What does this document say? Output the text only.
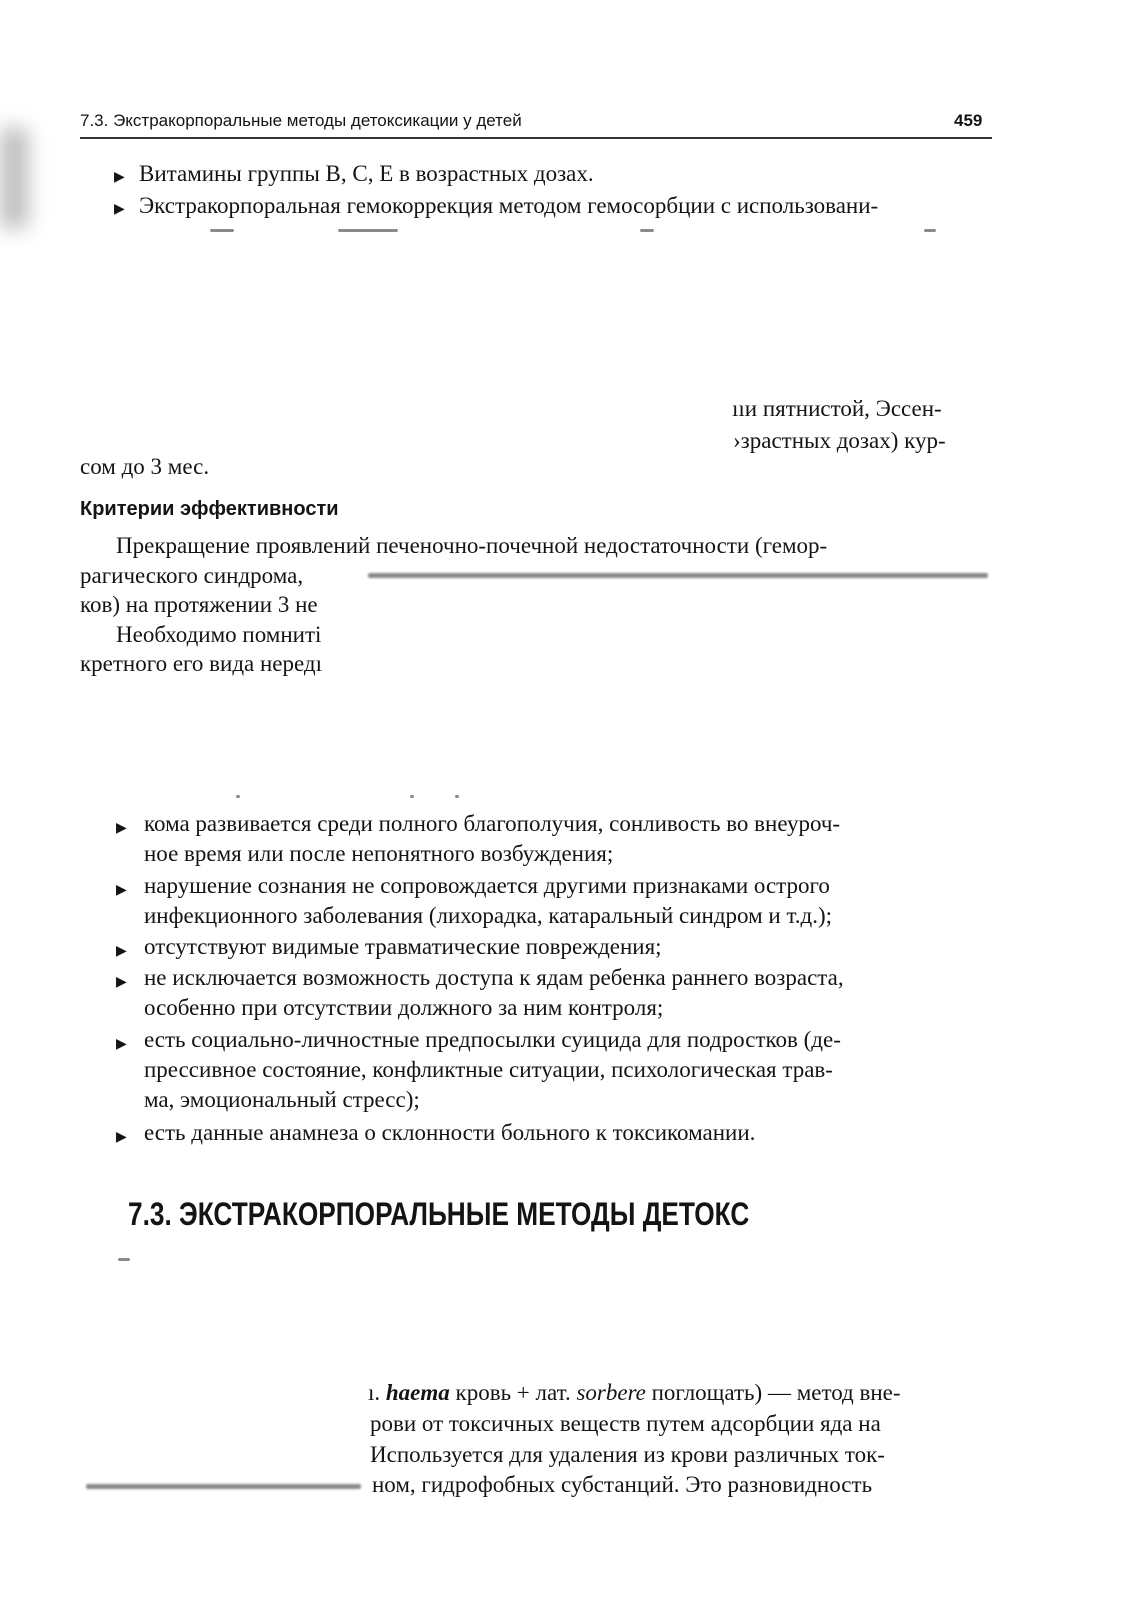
7.3. Экстракорпоральные методы детоксикации у детей	459
▶ Витамины группы В, С, Е в возрастных дозах.
▶ Экстракорпоральная гемокоррекция методом гемосорбции с использовани-
ııи пятнистой, Эссен-
›зрастных дозах) кур-
сом до 3 мес.
Критерии эффективности
Прекращение проявлений печеночно-почечной недостаточности (гемор-
рагического синдрома,
ков) на протяжении 3 не
Необходимо помниті
кретного его вида нередı
▶ кома развивается среди полного благополучия, сонливость во внеуроч-
ное время или после непонятного возбуждения;
▶ нарушение сознания не сопровождается другими признаками острого
инфекционного заболевания (лихорадка, катаральный синдром и т.д.);
▶ отсутствуют видимые травматические повреждения;
▶ не исключается возможность доступа к ядам ребенка раннего возраста,
особенно при отсутствии должного за ним контроля;
▶ есть социально-личностные предпосылки суицида для подростков (де-
прессивное состояние, конфликтные ситуации, психологическая трав-
ма, эмоциональный стресс);
▶ есть данные анамнеза о склонности больного к токсикомании.
7.3. ЭКСТРАКОРПОРАЛЬНЫЕ МЕТОДЫ ДЕТОКС
ı. haema кровь + лат. sorbere поглощать) — метод вне-
рови от токсичных веществ путем адсорбции яда на
Используется для удаления из крови различных ток-
ном, гидрофобных субстанций. Это разновидность
